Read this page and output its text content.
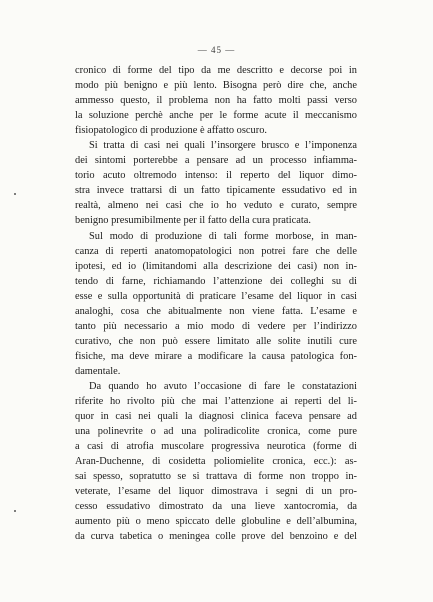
— 45 —
cronico di forme del tipo da me descritto e decorse poi in
modo più benigno e più lento. Bisogna però dire che, anche
ammesso questo, il problema non ha fatto molti passi verso
la soluzione perchè anche per le forme acute il meccanismo
fisiopatologico di produzione è affatto oscuro.
Si tratta di casi nei quali l’insorgere brusco e l’imponenza
dei sintomi porterebbe a pensare ad un processo infiamma-
torio acuto oltremodo intenso: il reperto del liquor dimo-
stra invece trattarsi di un fatto tipicamente essudativo ed in
realtà, almeno nei casi che io ho veduto e curato, sempre
benigno presumibilmente per il fatto della cura praticata.
Sul modo di produzione di tali forme morbose, in man-
canza di reperti anatomopatologici non potrei fare che delle
ipotesi, ed io (limitandomi alla descrizione dei casi) non in-
tendo di farne, richiamando l’attenzione dei colleghi su di
esse e sulla opportunità di praticare l’esame del liquor in casi
analoghi, cosa che abitualmente non viene fatta. L’esame e
tanto più necessario a mio modo di vedere per l’indirizzo
curativo, che non può essere limitato alle solite inutili cure
fisiche, ma deve mirare a modificare la causa patologica fon-
damentale.
Da quando ho avuto l’occasione di fare le constatazioni
riferite ho rivolto più che mai l’attenzione ai reperti del li-
quor in casi nei quali la diagnosi clinica faceva pensare ad
una polinevrite o ad una poliradicolite cronica, come pure
a casi di atrofia muscolare progressiva neurotica (forme di
Aran-Duchenne, di cosidetta poliomielite cronica, ecc.): as-
sai spesso, sopratutto se si trattava di forme non troppo in-
veterate, l’esame del liquor dimostrava i segni di un pro-
cesso essudativo dimostrato da una lieve xantocromia, da
aumento più o meno spiccato delle globuline e dell’albumina,
da curva tabetica o meningea colle prove del benzoino e del
